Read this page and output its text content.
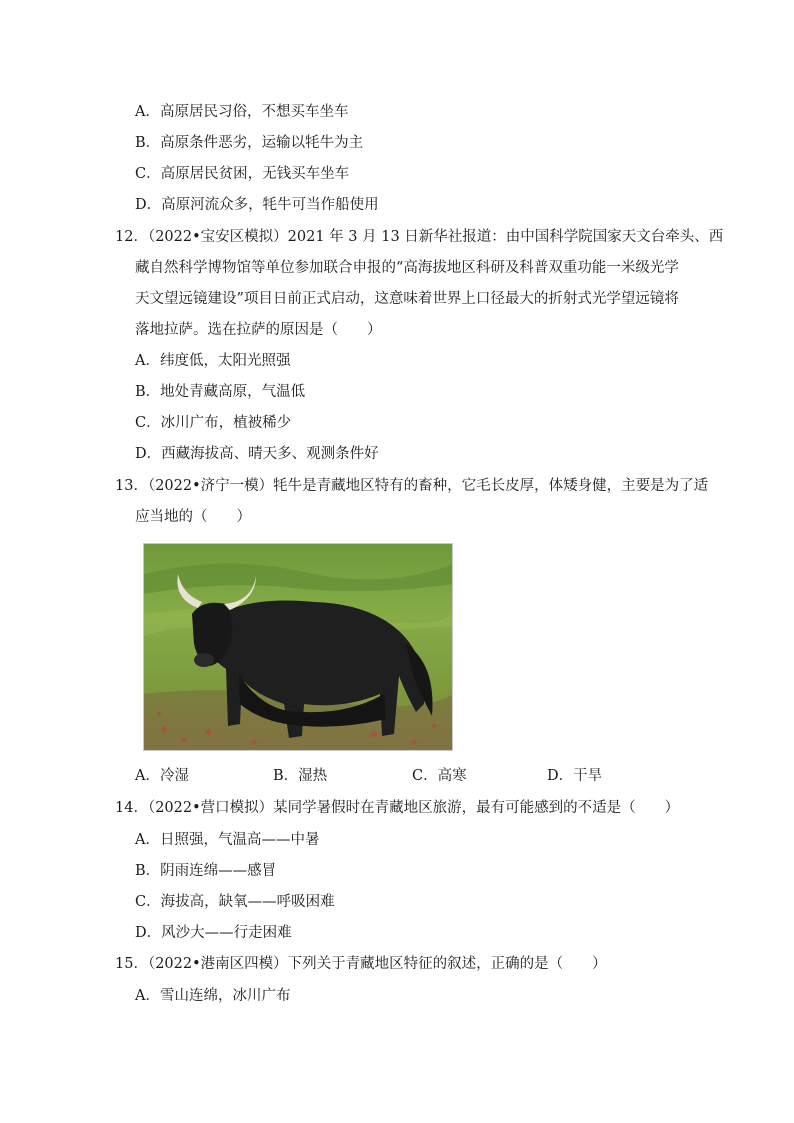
A．高原居民习俗，不想买车坐车
B．高原条件恶劣，运输以牦牛为主
C．高原居民贫困，无钱买车坐车
D．高原河流众多，牦牛可当作船使用
12．（2022•宝安区模拟）2021 年 3 月 13 日新华社报道：由中国科学院国家天文台牵头、西
藏自然科学博物馆等单位参加联合申报的“高海拔地区科研及科普双重功能一米级光学
天文望远镜建设”项目日前正式启动，这意味着世界上口径最大的折射式光学望远镜将
落地拉萨。选在拉萨的原因是（　　）
A．纬度低，太阳光照强
B．地处青藏高原，气温低
C．冰川广布，植被稀少
D．西藏海拔高、晴天多、观测条件好
13．（2022•济宁一模）牦牛是青藏地区特有的畜种，它毛长皮厚，体矮身健，主要是为了适
应当地的（　　）
A．冷湿	B．湿热	C．高寒	D．干旱
14．（2022•营口模拟）某同学暑假时在青藏地区旅游，最有可能感到的不适是（　　）
A．日照强，气温高——中暑
B．阴雨连绵——感冒
C．海拔高，缺氧——呼吸困难
D．风沙大——行走困难
15．（2022•港南区四模）下列关于青藏地区特征的叙述，正确的是（　　）
A．雪山连绵，冰川广布
